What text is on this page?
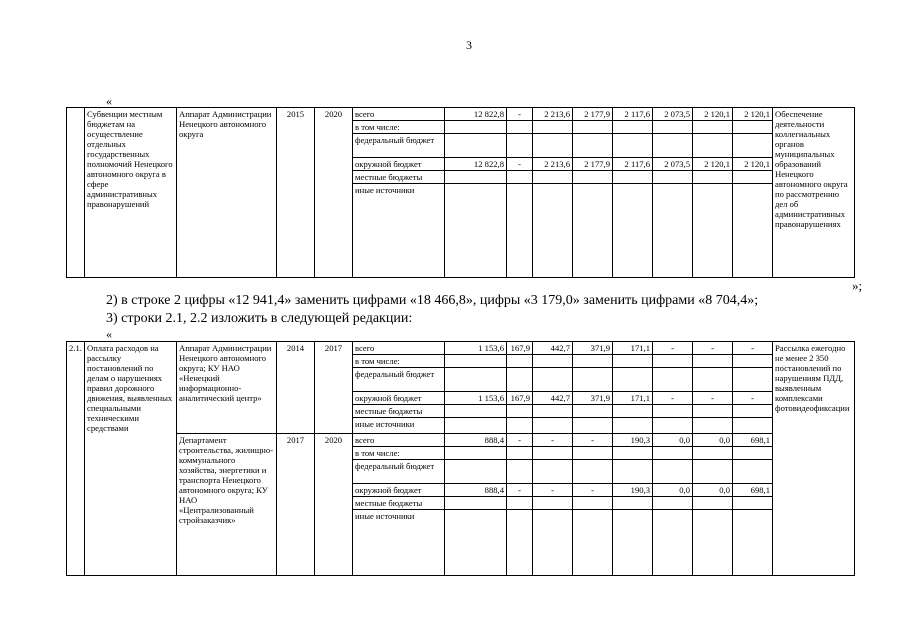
3
«
	Субвенции местным бюджетам на осуществление отдельных государственных полномочий Ненецкого автономного округа в сфере административных правонарушений	Аппарат Администрации Ненецкого автономного округа	2015	2020	всего	12 822,8	-	2 213,6	2 177,9	2 117,6	2 073,5	2 120,1	2 120,1	Обеспечение деятельности коллегиальных органов муниципальных образований Ненецкого автономного округа по рассмотрению дел об административных правонарушениях
					в том числе:									
					федеральный бюджет									
					окружной бюджет	12 822,8	-	2 213,6	2 177,9	2 117,6	2 073,5	2 120,1	2 120,1	
					местные бюджеты									
					иные источники									
2) в строке 2 цифры «12 941,4» заменить цифрами «18 466,8», цифры «3 179,0» заменить цифрами «8 704,4»;
»;
3) строки 2.1, 2.2 изложить в следующей редакции:
«
2.1.	Оплата расходов на рассылку постановлений по делам о нарушениях правил дорожного движения, выявленных специальными техническими средствами	Аппарат Администрации Ненецкого автономного округа; КУ НАО «Ненецкий информационно-аналитический центр»	2014	2017	всего	1 153,6	167,9	442,7	371,9	171,1	-	-	-	Рассылка ежегодно не менее 2 350 постановлений по нарушениям ПДД, выявленным комплексами фотовидеофиксации
					в том числе:									
					федеральный бюджет									
					окружной бюджет	1 153,6	167,9	442,7	371,9	171,1	-	-	-	
					местные бюджеты									
					иные источники									
		Департамент строительства, жилищно-коммунального хозяйства, энергетики и транспорта Ненецкого автономного округа; КУ НАО «Централизованный стройзаказчик»	2017	2020	всего	888,4	-	-	-	190,3	0,0	0,0	698,1	
					в том числе:									
					федеральный бюджет									
					окружной бюджет	888,4	-	-	-	190,3	0,0	0,0	698,1	
					местные бюджеты									
					иные источники									
